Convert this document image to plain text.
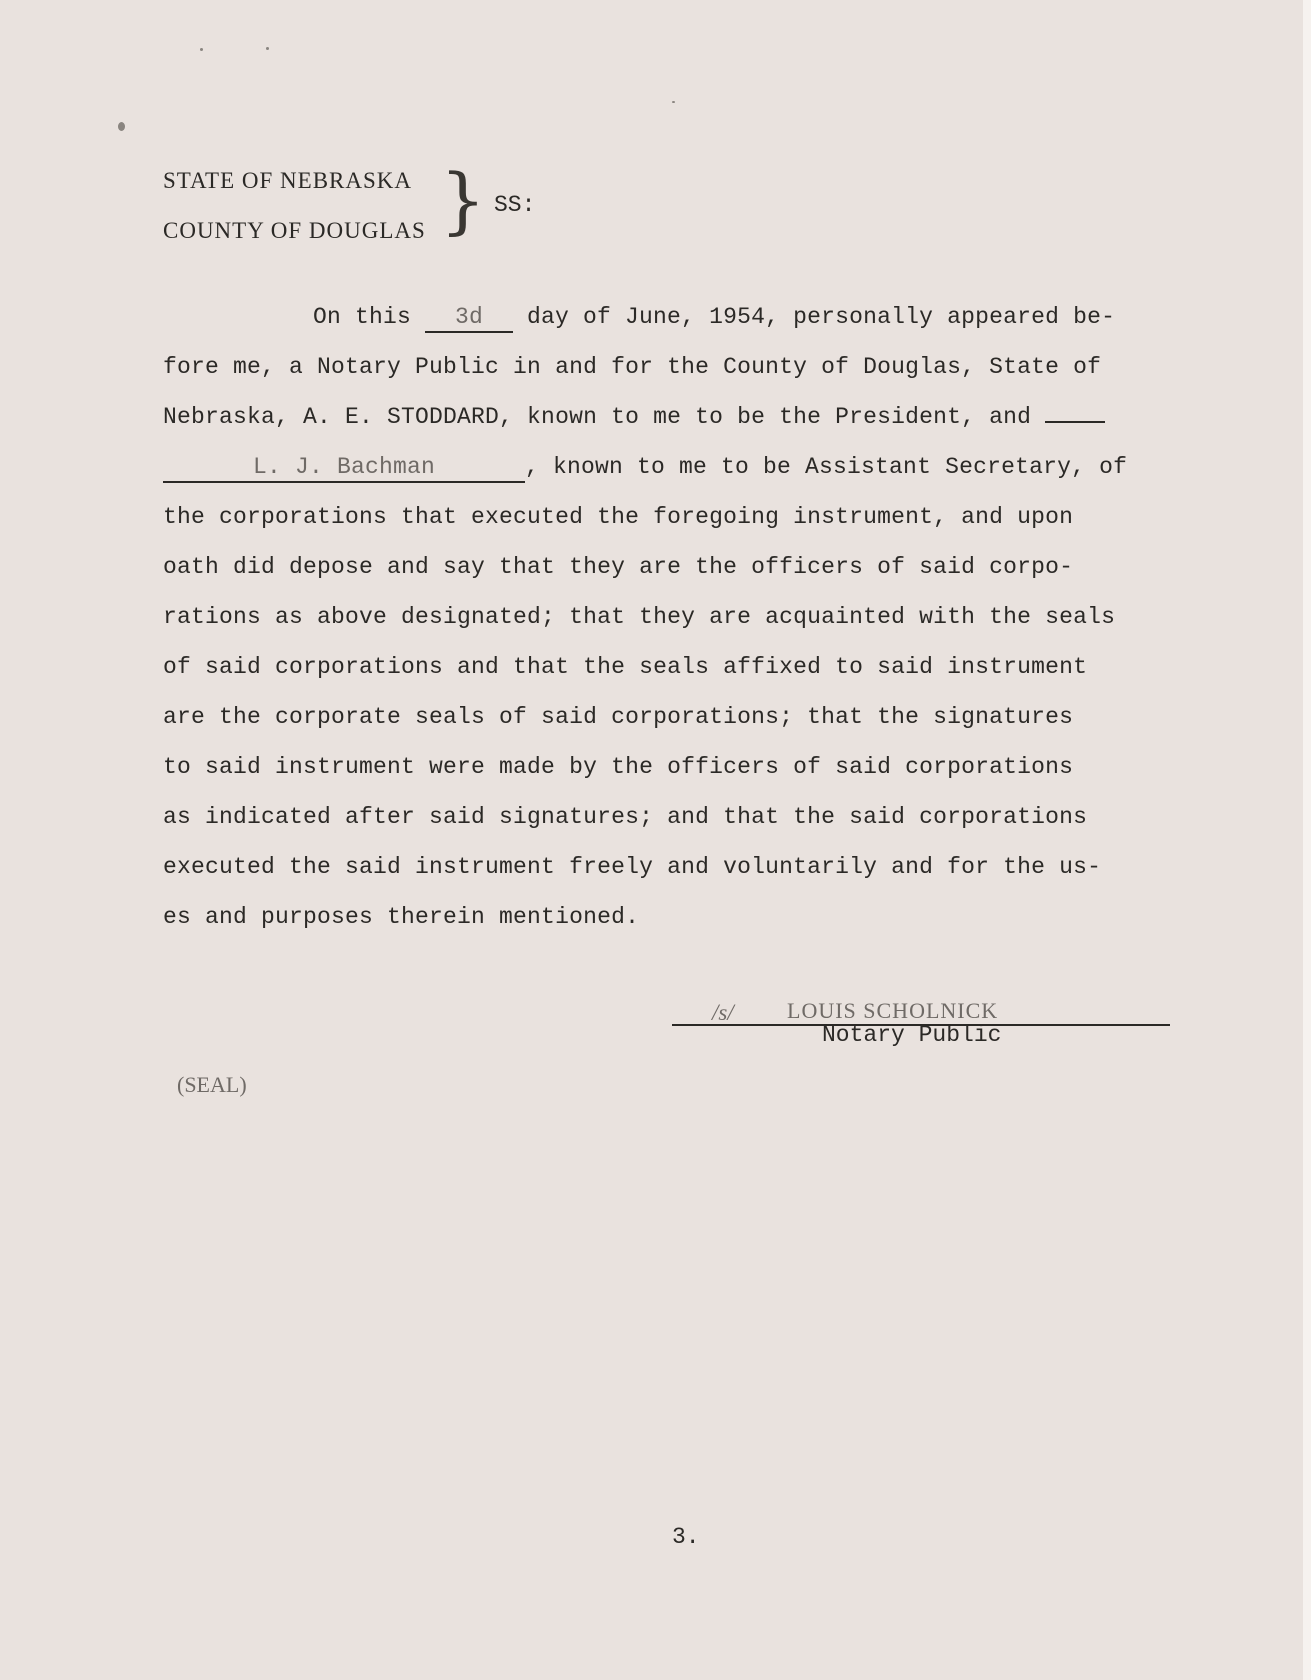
STATE OF NEBRASKA
COUNTY OF DOUGLAS } SS:
On this 3d day of June, 1954, personally appeared be-
fore me, a Notary Public in and for the County of Douglas, State of
Nebraska, A. E. STODDARD, known to me to be the President, and
L. J. Bachman	, known to me to be Assistant Secretary, of
the corporations that executed the foregoing instrument, and upon
oath did depose and say that they are the officers of said corpo-
rations as above designated; that they are acquainted with the seals
of said corporations and that the seals affixed to said instrument
are the corporate seals of said corporations; that the signatures
to said instrument were made by the officers of said corporations
as indicated after said signatures; and that the said corporations
executed the said instrument freely and voluntarily and for the us-
es and purposes therein mentioned.
/s/ LOUIS SCHOLNICK
Notary Public
(SEAL)
3.
